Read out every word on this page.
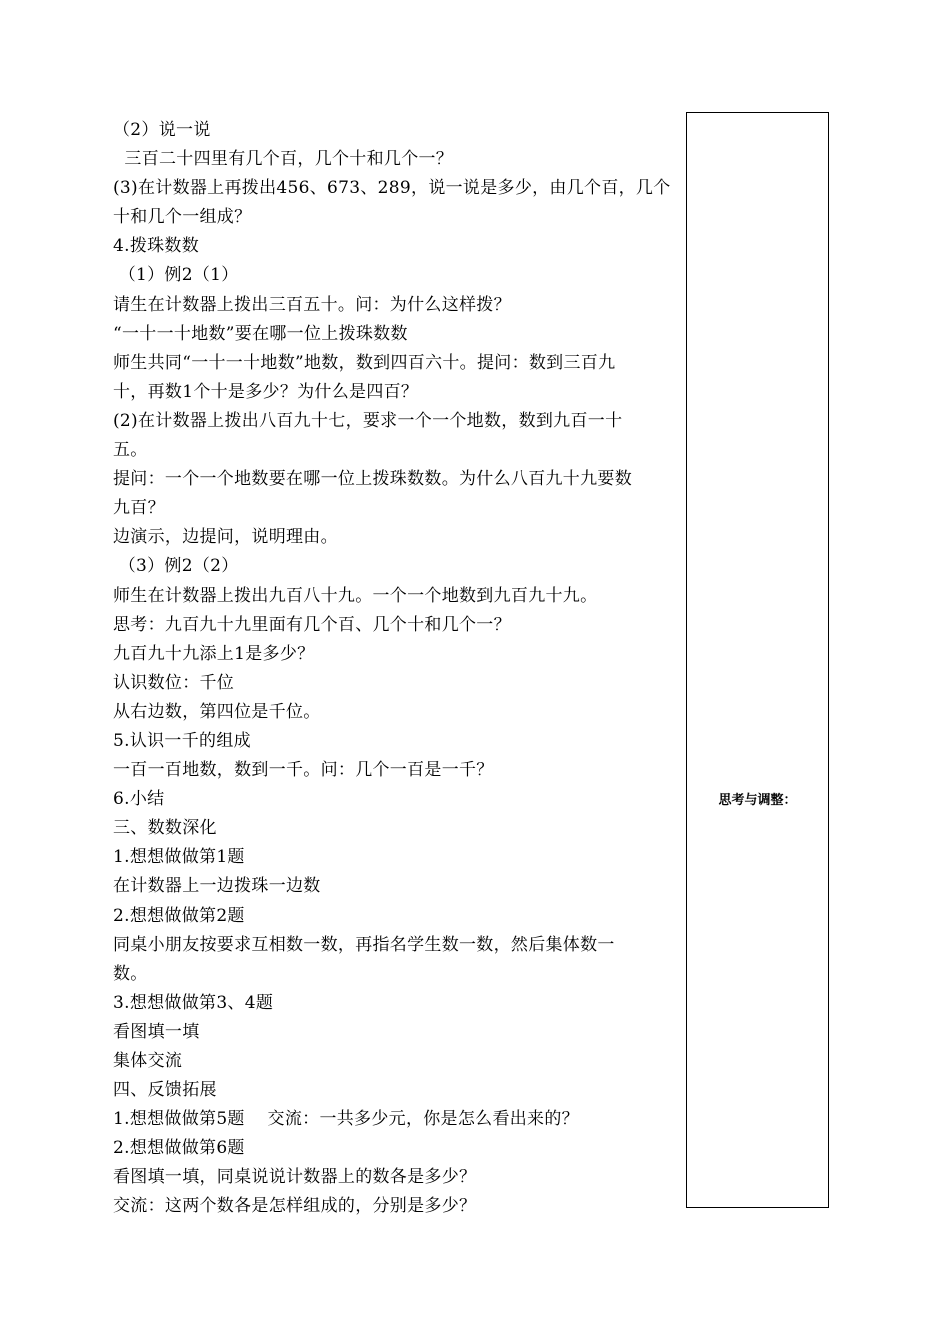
（2）说一说
三百二十四里有几个百，几个十和几个一？
(3)在计数器上再拨出456、673、289，说一说是多少，由几个百，几个
十和几个一组成？
4.拨珠数数
（1）例2（1）
请生在计数器上拨出三百五十。问：为什么这样拨？
“一十一十地数”要在哪一位上拨珠数数
师生共同“一十一十地数”地数，数到四百六十。提问：数到三百九
十，再数1个十是多少？为什么是四百？
(2)在计数器上拨出八百九十七，要求一个一个地数，数到九百一十
五。
提问：一个一个地数要在哪一位上拨珠数数。为什么八百九十九要数
九百？
边演示，边提问，说明理由。
（3）例2（2）
师生在计数器上拨出九百八十九。一个一个地数到九百九十九。
思考：九百九十九里面有几个百、几个十和几个一？
九百九十九添上1是多少？
认识数位：千位
从右边数，第四位是千位。
5.认识一千的组成
一百一百地数，数到一千。问：几个一百是一千？
6.小结
三、数数深化
1.想想做做第1题
在计数器上一边拨珠一边数
2.想想做做第2题
同桌小朋友按要求互相数一数，再指名学生数一数，然后集体数一
数。
3.想想做做第3、4题
看图填一填
集体交流
四、反馈拓展
1.想想做做第5题    交流：一共多少元，你是怎么看出来的？
2.想想做做第6题
看图填一填，同桌说说计数器上的数各是多少？
交流：这两个数各是怎样组成的，分别是多少？
思考与调整：
